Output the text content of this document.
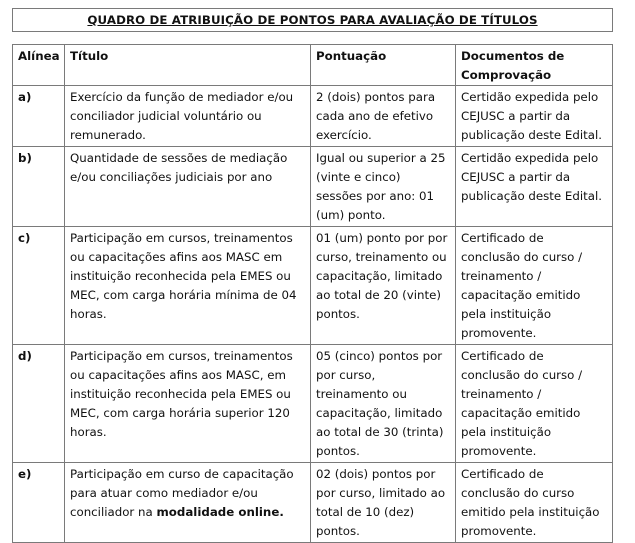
QUADRO DE ATRIBUIÇÃO DE PONTOS PARA AVALIAÇÃO DE TÍTULOS
Alínea	Título	Pontuação	Documentos de Comprovação
a)	Exercício da função de mediador e/ou conciliador judicial voluntário ou remunerado.	2 (dois) pontos para cada ano de efetivo exercício.	Certidão expedida pelo CEJUSC a partir da publicação deste Edital.
b)	Quantidade de sessões de mediação e/ou conciliações judiciais por ano	Igual ou superior a 25 (vinte e cinco) sessões por ano: 01 (um) ponto.	Certidão expedida pelo CEJUSC a partir da publicação deste Edital.
c)	Participação em cursos, treinamentos ou capacitações afins aos MASC em instituição reconhecida pela EMES ou MEC, com carga horária mínima de 04 horas.	01 (um) ponto por por curso, treinamento ou capacitação, limitado ao total de 20 (vinte) pontos.	Certificado de conclusão do curso / treinamento / capacitação emitido pela instituição promovente.
d)	Participação em cursos, treinamentos ou capacitações afins aos MASC, em instituição reconhecida pela EMES ou MEC, com carga horária superior 120 horas.	05 (cinco) pontos por por curso, treinamento ou capacitação, limitado ao total de 30 (trinta) pontos.	Certificado de conclusão do curso / treinamento / capacitação emitido pela instituição promovente.
e)	Participação em curso de capacitação para atuar como mediador e/ou conciliador na modalidade online.	02 (dois) pontos por por curso, limitado ao total de 10 (dez) pontos.	Certificado de conclusão do curso emitido pela instituição promovente.
